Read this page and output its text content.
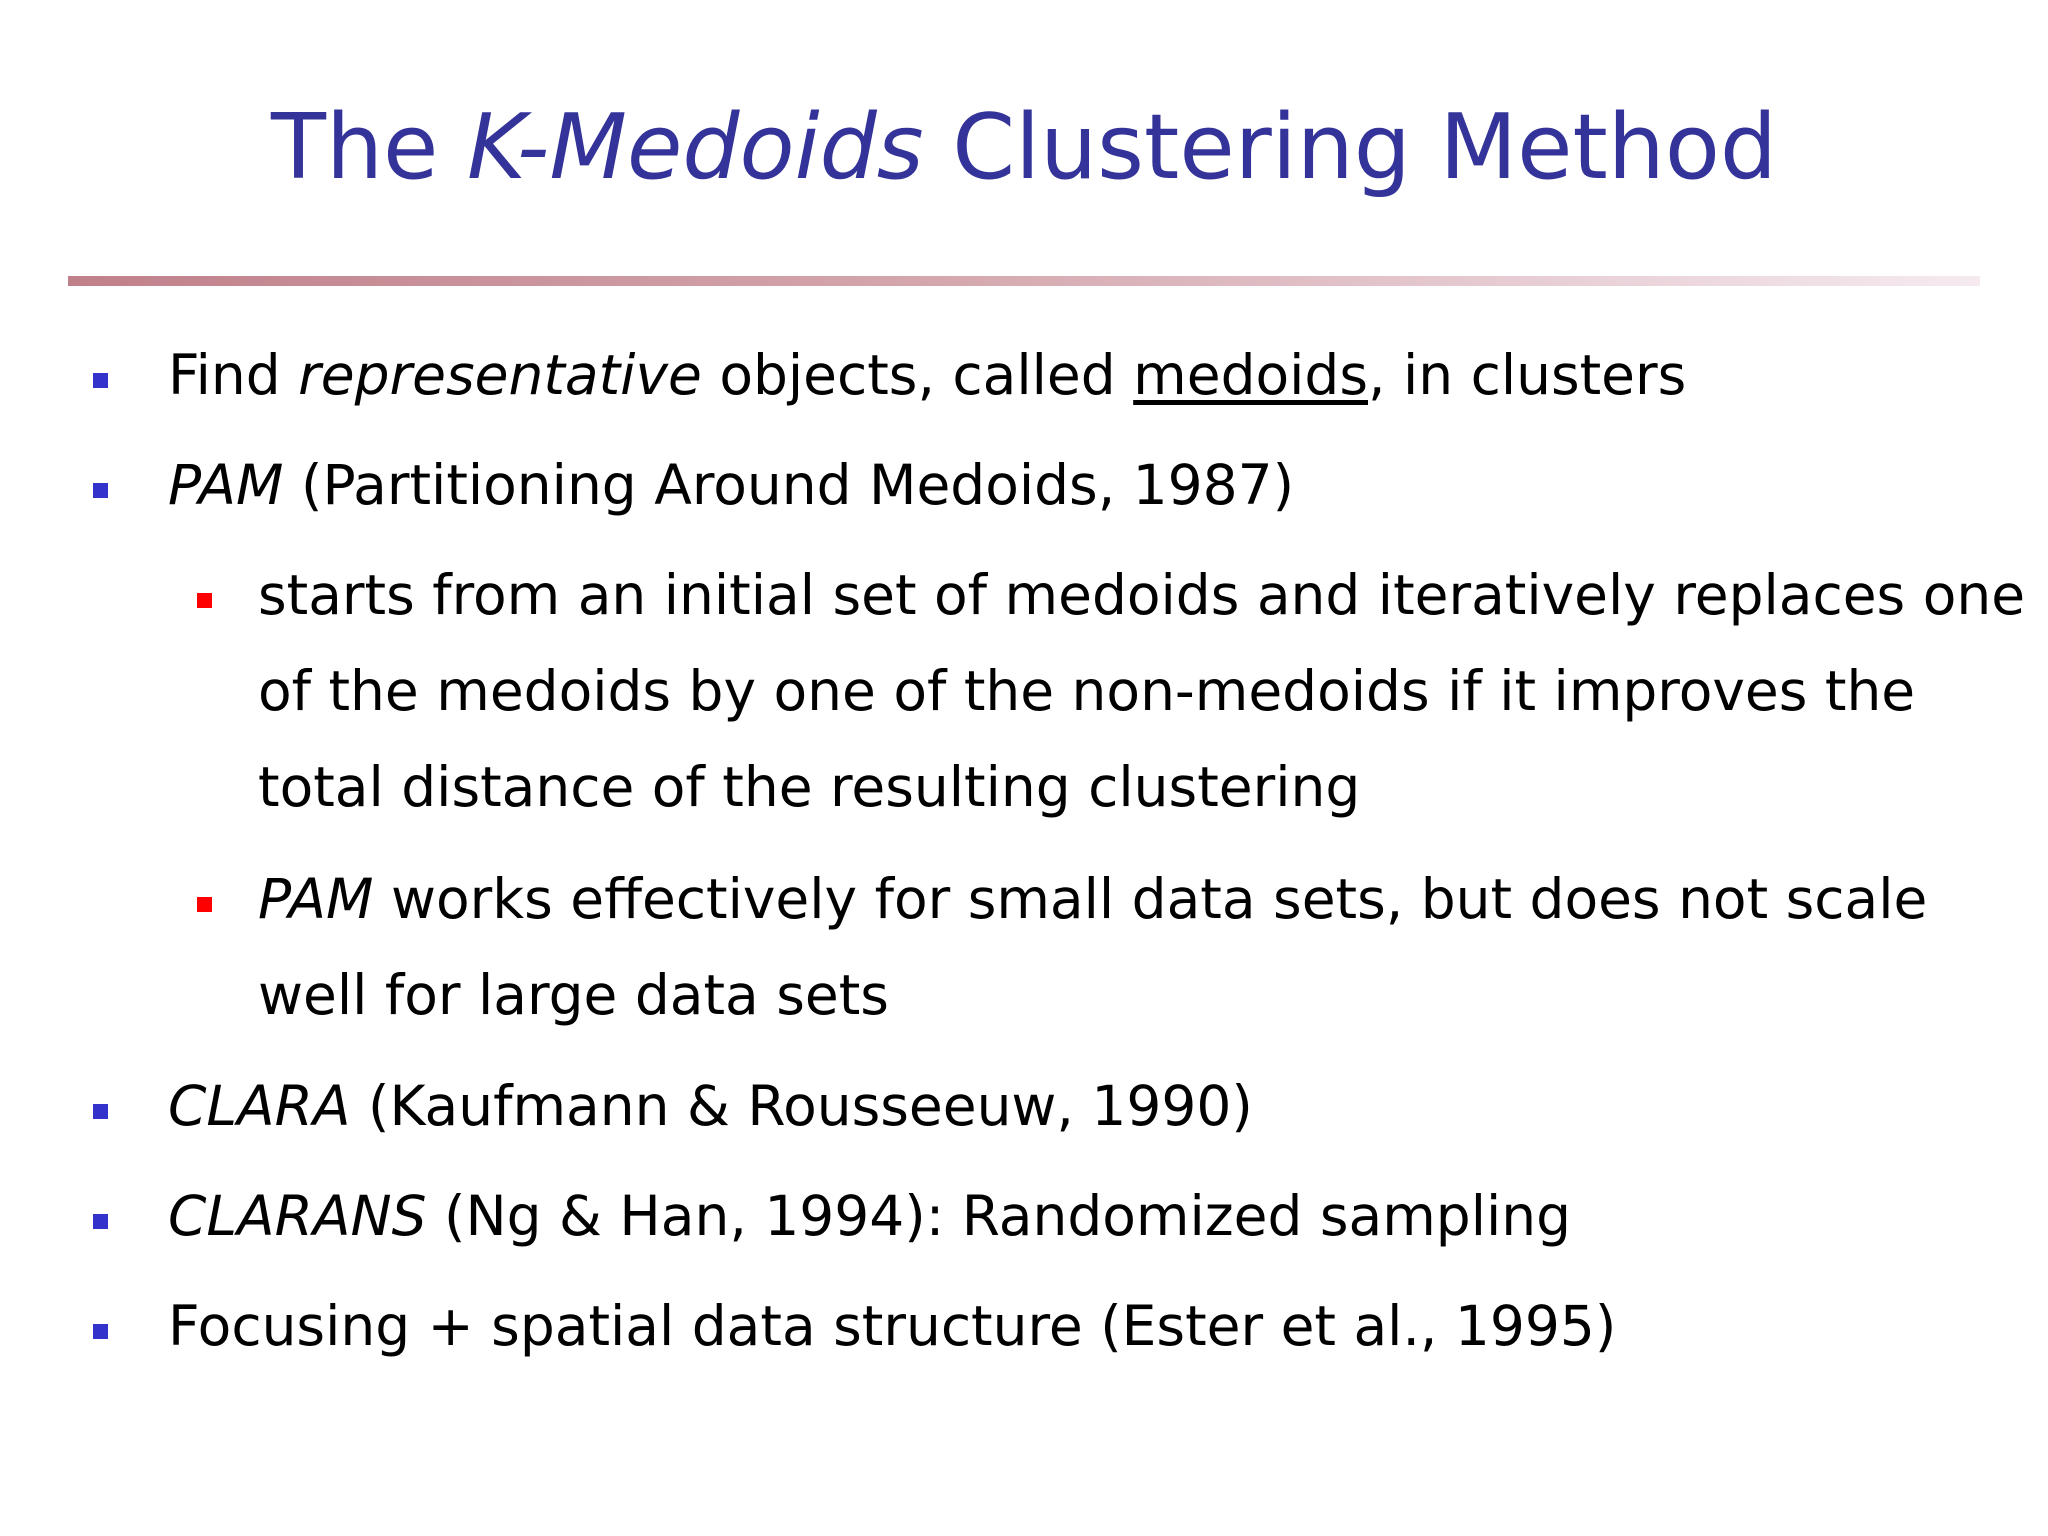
The K-Medoids Clustering Method
Find representative objects, called medoids, in clusters
PAM (Partitioning Around Medoids, 1987)
starts from an initial set of medoids and iteratively replaces one
of the medoids by one of the non-medoids if it improves the
total distance of the resulting clustering
PAM works effectively for small data sets, but does not scale
well for large data sets
CLARA (Kaufmann & Rousseeuw, 1990)
CLARANS (Ng & Han, 1994): Randomized sampling
Focusing + spatial data structure (Ester et al., 1995)
